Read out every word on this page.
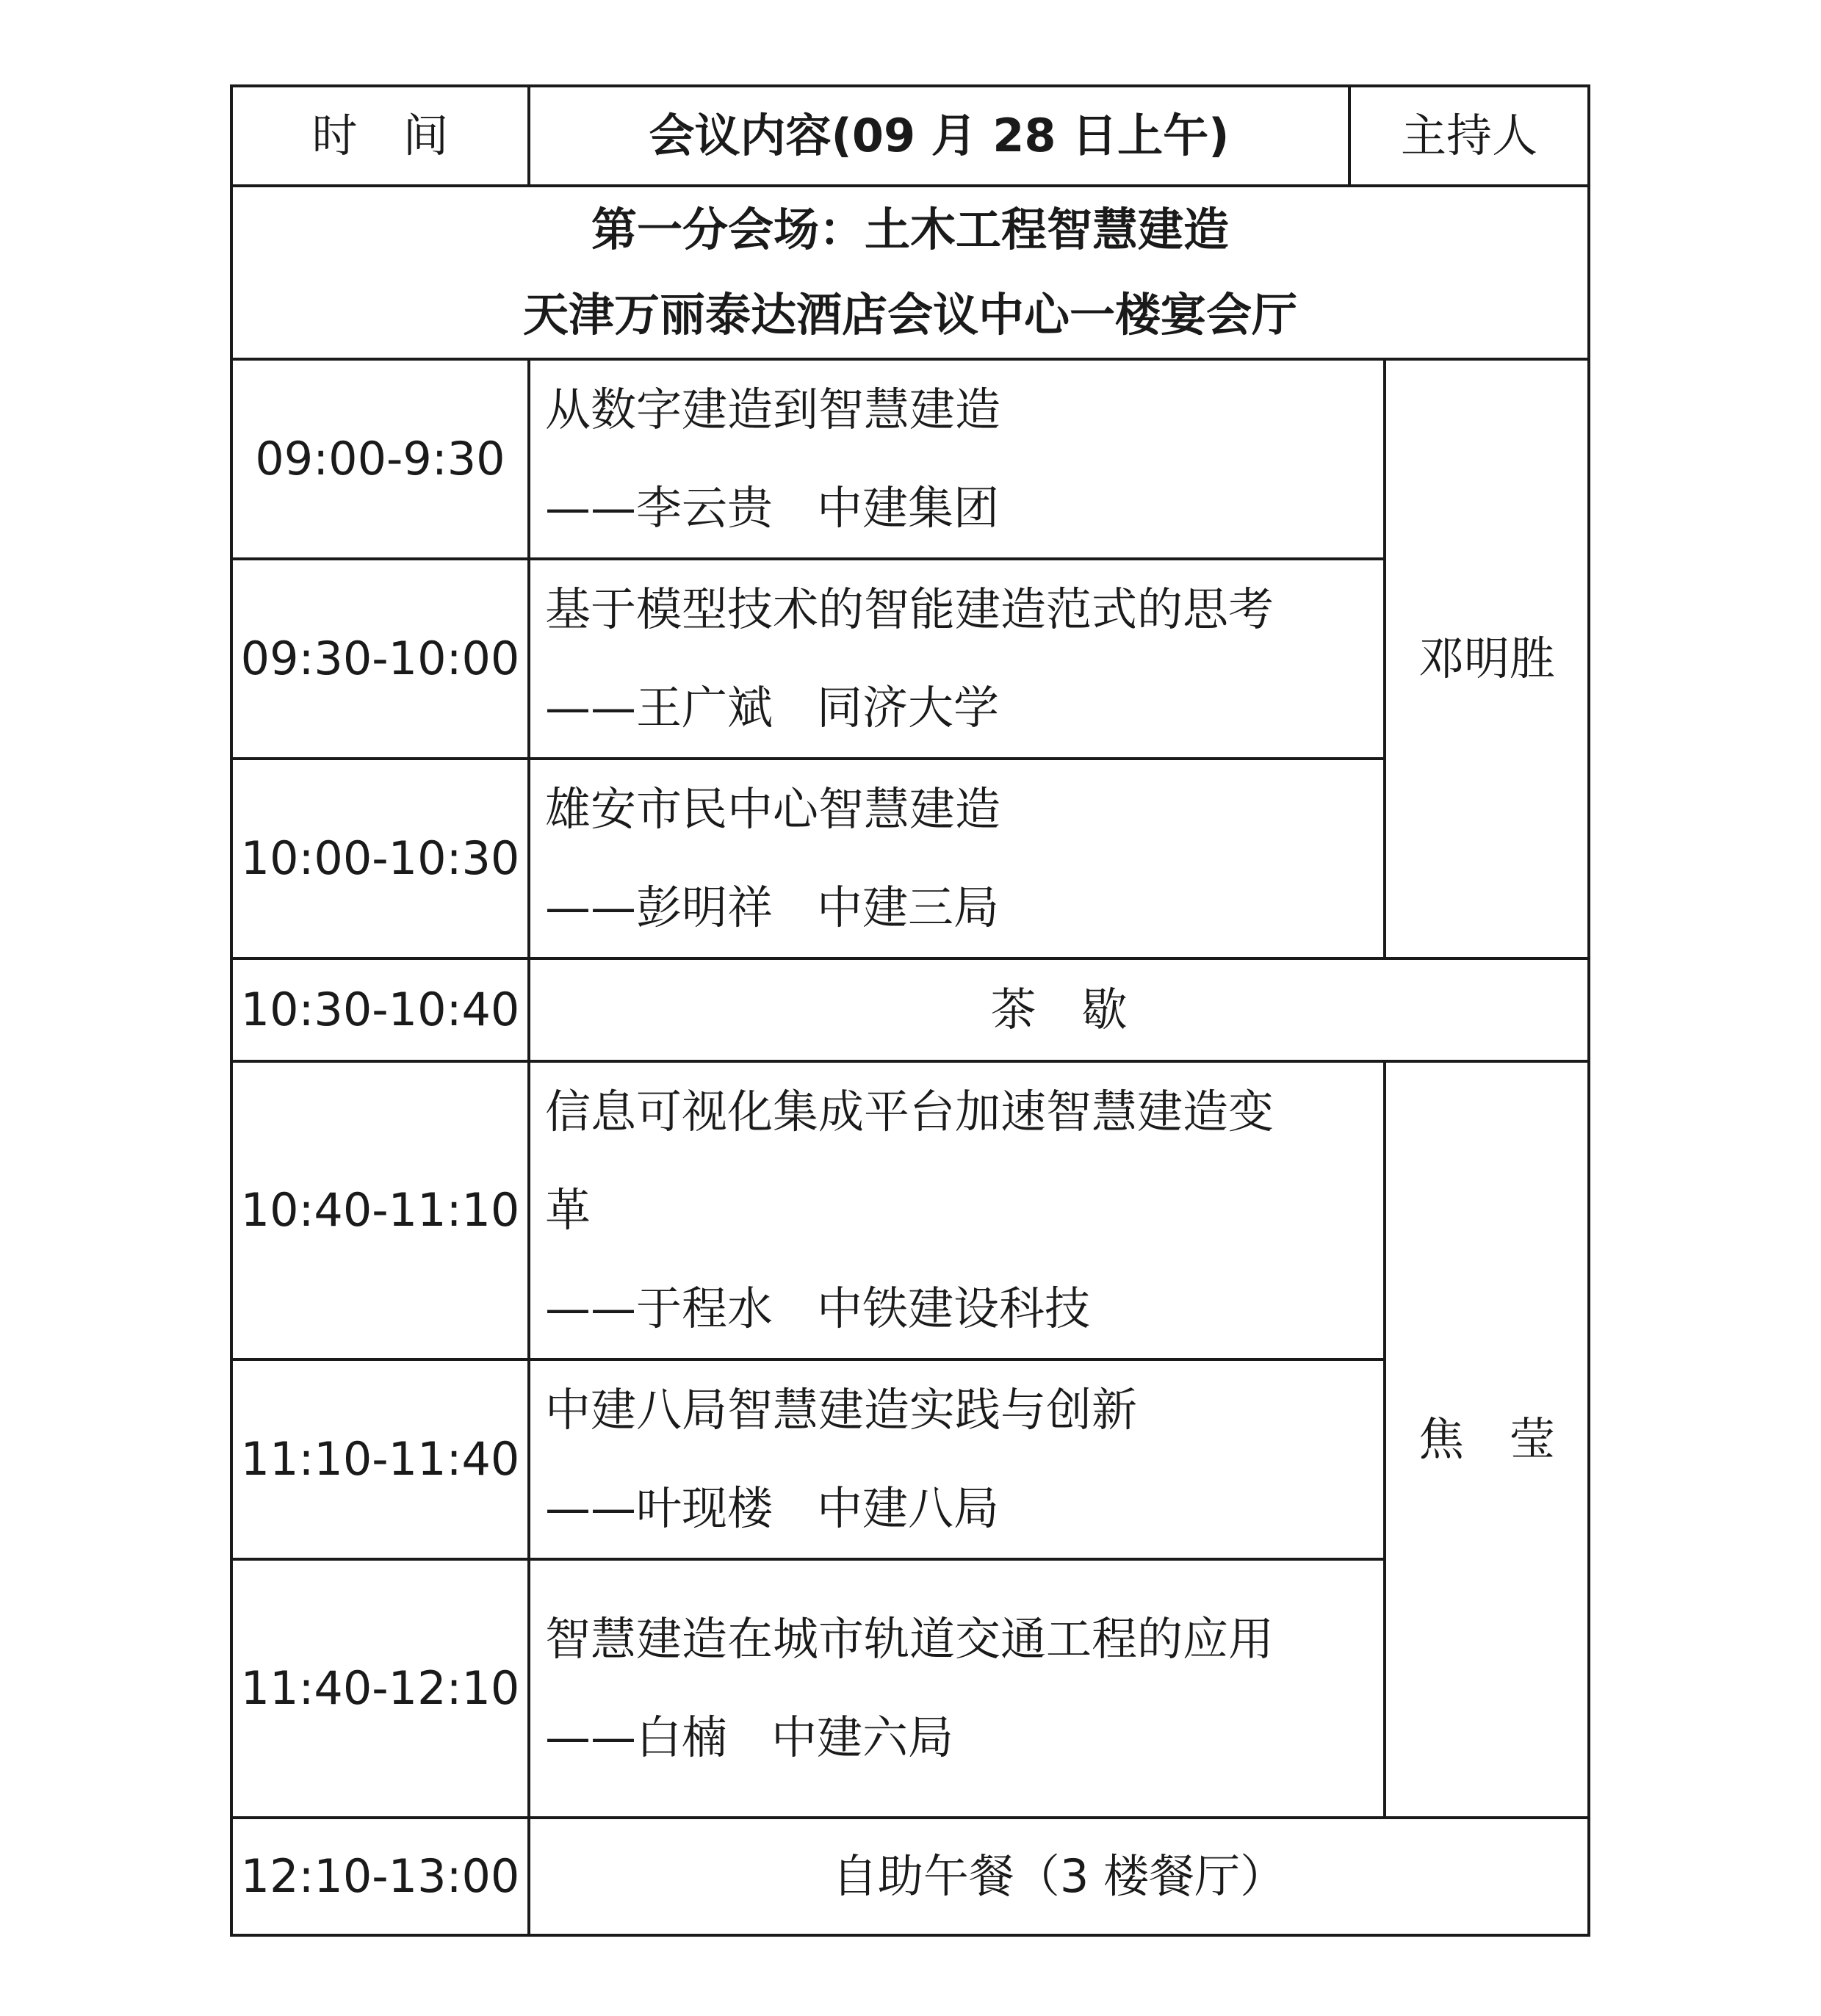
时　间	会议内容(09 月 28 日上午)	主持人	

第一分会场：土木工程智慧建造
天津万丽泰达酒店会议中心一楼宴会厅			

09:00-9:30	从数字建造到智慧建造
——李云贵 中建集团		邓明胜
09:30-10:00	基于模型技术的智能建造范式的思考
——王广斌 同济大学		

10:00-10:30	雄安市民中心智慧建造
——彭明祥 中建三局		

10:30-10:40	茶　歇		
10:40-11:10	信息可视化集成平台加速智慧建造变
革
——于程水 中铁建设科技		焦　莹
11:10-11:40	中建八局智慧建造实践与创新
——叶现楼 中建八局		

11:40-12:10	智慧建造在城市轨道交通工程的应用
——白楠 中建六局		

12:10-13:00	自助午餐（3 楼餐厅）		
